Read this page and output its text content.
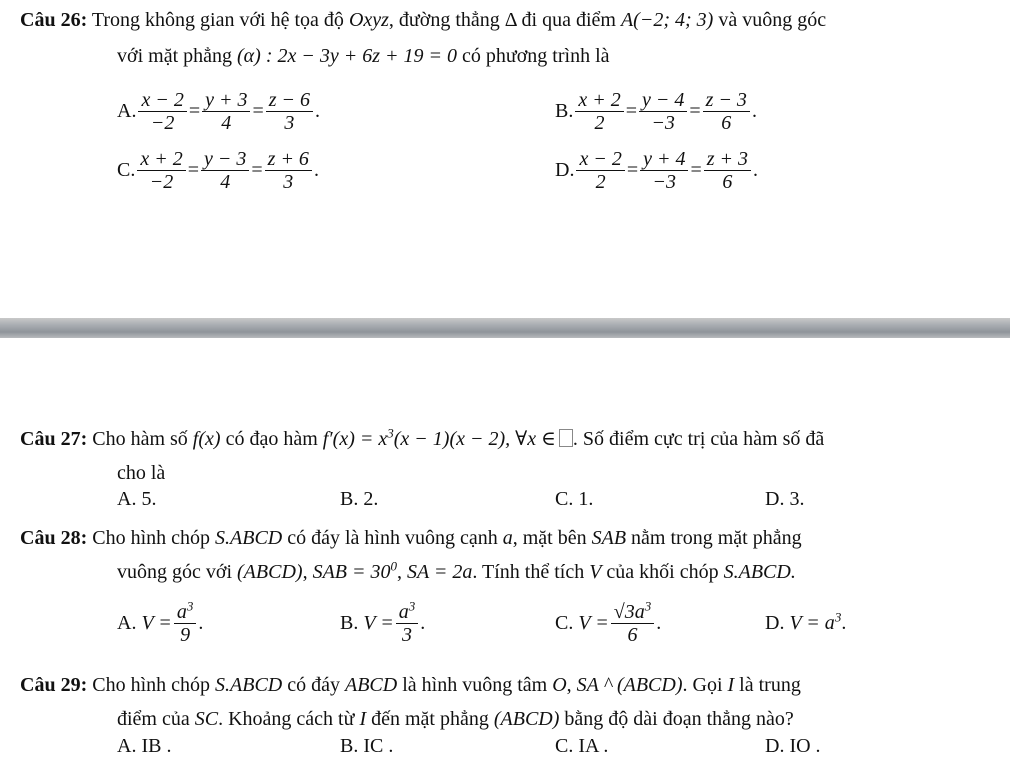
Câu 26: Trong không gian với hệ tọa độ Oxyz, đường thẳng Δ đi qua điểm A(−2; 4; 3) và vuông góc
với mặt phẳng (α) : 2x − 3y + 6z + 19 = 0 có phương trình là
A. $\frac{x - 2}{-2} = \frac{y + 3}{4} = \frac{z - 6}{3}$ .	B. $\frac{x + 2}{2} = \frac{y - 4}{-3} = \frac{z - 3}{6}$ .
C. $\frac{x + 2}{-2} = \frac{y - 3}{4} = \frac{z + 6}{3}$ .	D. $\frac{x - 2}{2} = \frac{y + 4}{-3} = \frac{z + 3}{6}$ .
Câu 27: Cho hàm số f(x) có đạo hàm $f'(x) = x^3(x - 1)(x - 2)$, ∀x ∈ . Số điểm cực trị của hàm số đã
cho là
A. 5.	B. 2.	C. 1.	D. 3.
Câu 28: Cho hình chóp S.ABCD có đáy là hình vuông cạnh a, mặt bên SAB nằm trong mặt phẳng
vuông góc với (ABCD), SAB = $30^0$, SA = 2a. Tính thể tích V của khối chóp S.ABCD.
A.
$V = \frac{a^3}{9}$ .	B.
$V = \frac{a^3}{3}$ .	C.
$V = \frac{√3a^3}{6}$ .	D.
$V = a^3$ .
Câu 29: Cho hình chóp S.ABCD có đáy ABCD là hình vuông tâm O, SA ^ (ABCD). Gọi I là trung
điểm của SC. Khoảng cách từ I đến mặt phẳng (ABCD) bằng độ dài đoạn thẳng nào?
A. IB .	B. IC .	C. IA .	D. IO .
